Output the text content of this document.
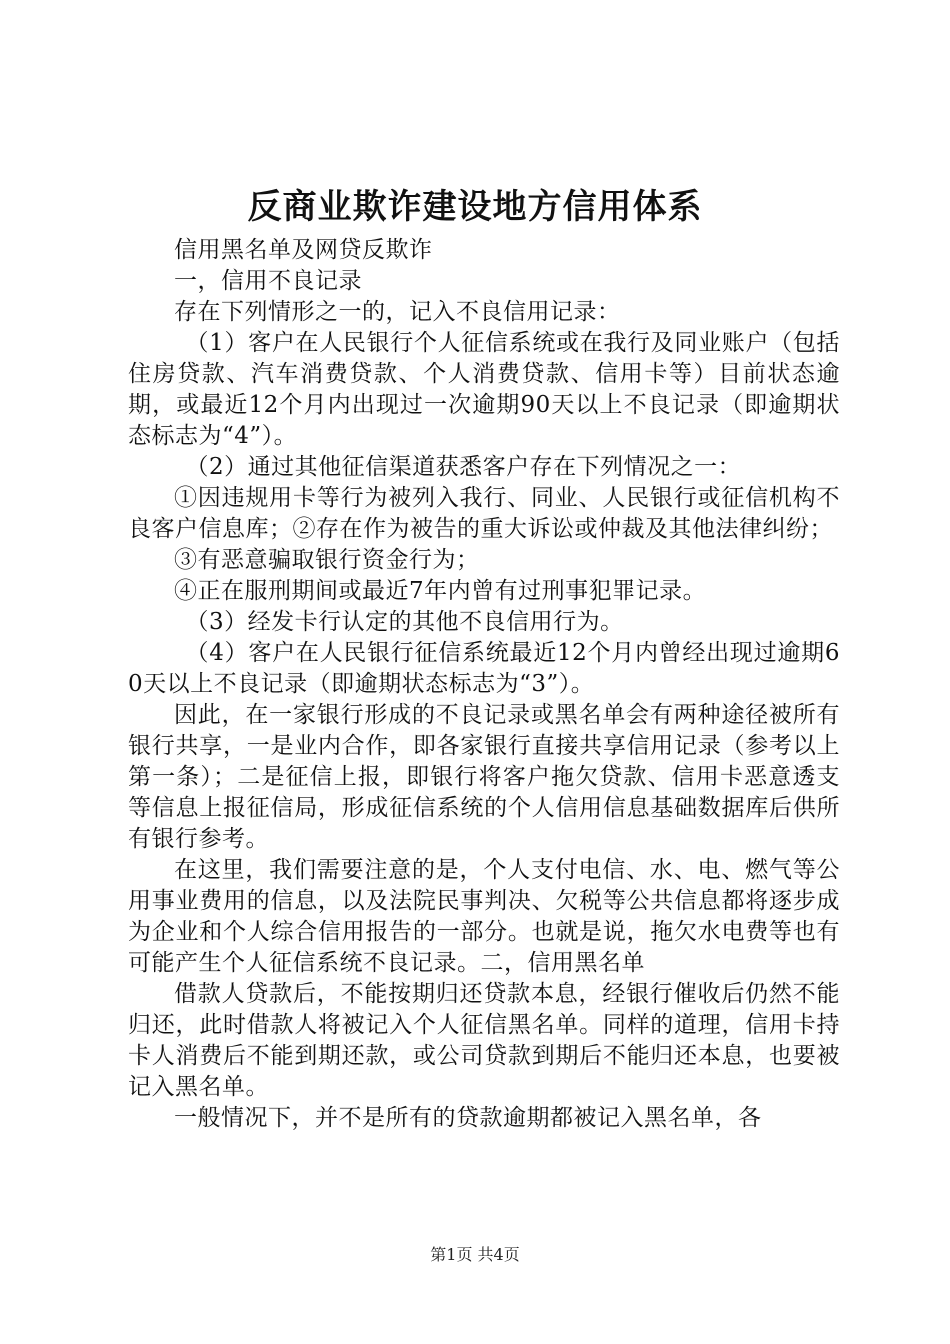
反商业欺诈建设地方信用体系

信用黑名单及网贷反欺诈

一，信用不良记录

存在下列情形之一的，记入不良信用记录：

（1）客户在人民银行个人征信系统或在我行及同业账户（包括住房贷款、汽车消费贷款、个人消费贷款、信用卡等）目前状态逾期，或最近12个月内出现过一次逾期90天以上不良记录（即逾期状态标志为“4”）。

（2）通过其他征信渠道获悉客户存在下列情况之一：

①因违规用卡等行为被列入我行、同业、人民银行或征信机构不良客户信息库；②存在作为被告的重大诉讼或仲裁及其他法律纠纷；

③有恶意骗取银行资金行为；

④正在服刑期间或最近7年内曾有过刑事犯罪记录。

（3）经发卡行认定的其他不良信用行为。

（4）客户在人民银行征信系统最近12个月内曾经出现过逾期60天以上不良记录（即逾期状态标志为“3”）。

因此，在一家银行形成的不良记录或黑名单会有两种途径被所有银行共享，一是业内合作，即各家银行直接共享信用记录（参考以上第一条）；二是征信上报，即银行将客户拖欠贷款、信用卡恶意透支等信息上报征信局，形成征信系统的个人信用信息基础数据库后供所有银行参考。

在这里，我们需要注意的是，个人支付电信、水、电、燃气等公用事业费用的信息，以及法院民事判决、欠税等公共信息都将逐步成为企业和个人综合信用报告的一部分。也就是说，拖欠水电费等也有可能产生个人征信系统不良记录。二，信用黑名单

借款人贷款后，不能按期归还贷款本息，经银行催收后仍然不能归还，此时借款人将被记入个人征信黑名单。同样的道理，信用卡持卡人消费后不能到期还款，或公司贷款到期后不能归还本息，也要被记入黑名单。

一般情况下，并不是所有的贷款逾期都被记入黑名单，各

第1页 共4页
